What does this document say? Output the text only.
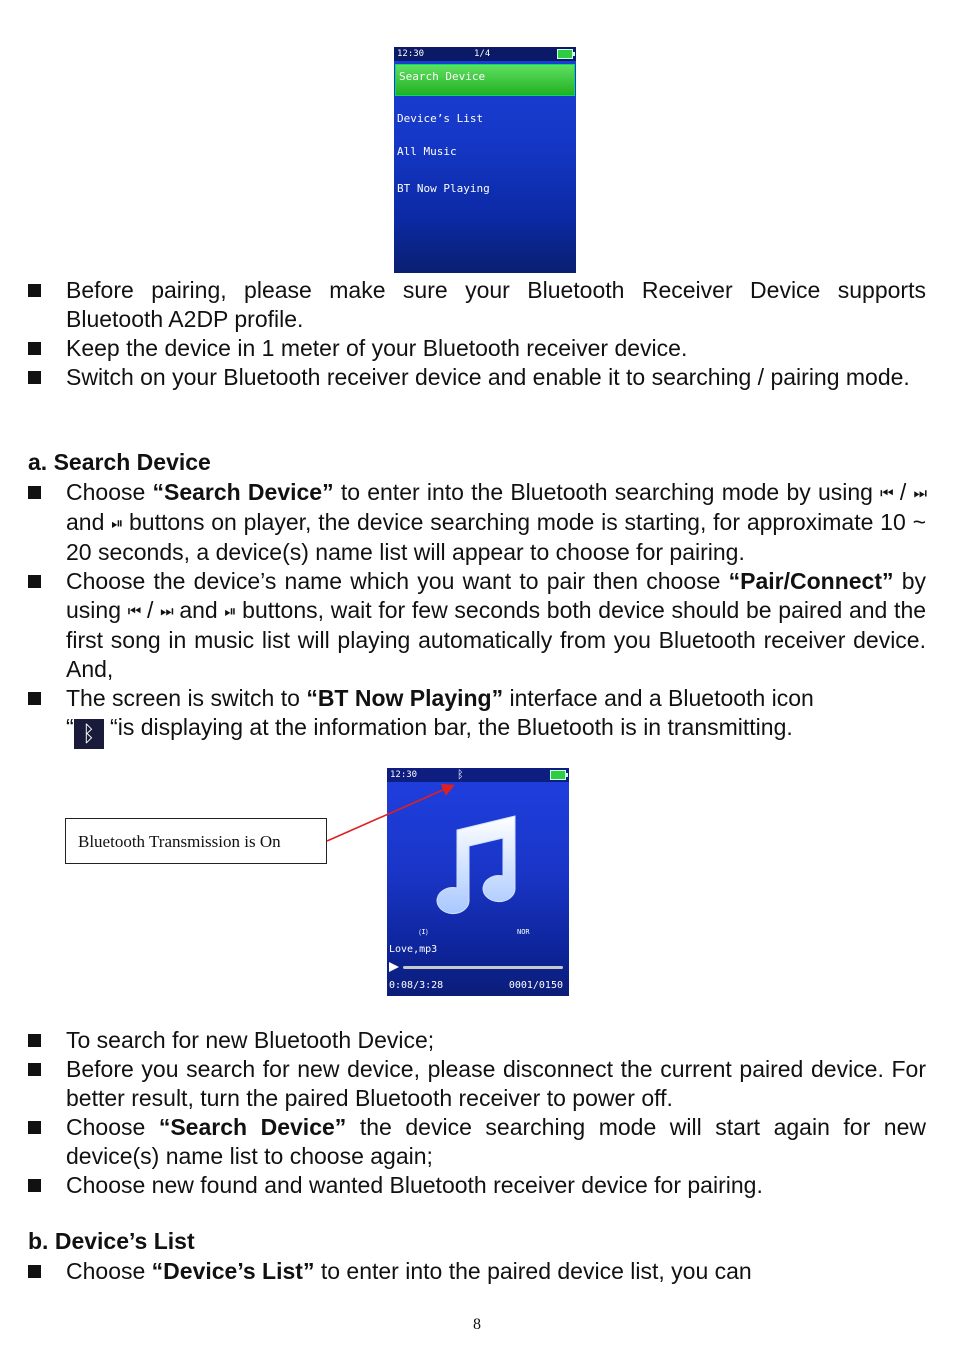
12:30	1/4
Search Device
Device’s List
All Music
BT Now Playing
Before pairing, please make sure your Bluetooth Receiver Device supports Bluetooth A2DP profile.
Keep the device in 1 meter of your Bluetooth receiver device.
Switch on your Bluetooth receiver device and enable it to searching / pairing mode.
a. Search Device
Choose “Search Device” to enter into the Bluetooth searching mode by using ⏮ / ⏭ and ⏯ buttons on player, the device searching mode is starting, for approximate 10 ~ 20 seconds, a device(s) name list will appear to choose for pairing.
Choose the device’s name which you want to pair then choose “Pair/Connect” by using ⏮ / ⏭ and ⏯ buttons, wait for few seconds both device should be paired and the first song in music list will playing automatically from you Bluetooth receiver device. And,
The screen is switch to “BT Now Playing” interface and a Bluetooth icon
“ ᛒ “is displaying at the information bar, the Bluetooth is in transmitting.
12:30	ᛒ
⟮I⟯	NOR
Love,mp3
0:08/3:28	0001/0150
Bluetooth Transmission is On
To search for new Bluetooth Device;
Before you search for new device, please disconnect the current paired device. For better result, turn the paired Bluetooth receiver to power off.
Choose “Search Device” the device searching mode will start again for new device(s) name list to choose again;
Choose new found and wanted Bluetooth receiver device for pairing.
b. Device’s List
Choose “Device’s List” to enter into the paired device list, you can
8
